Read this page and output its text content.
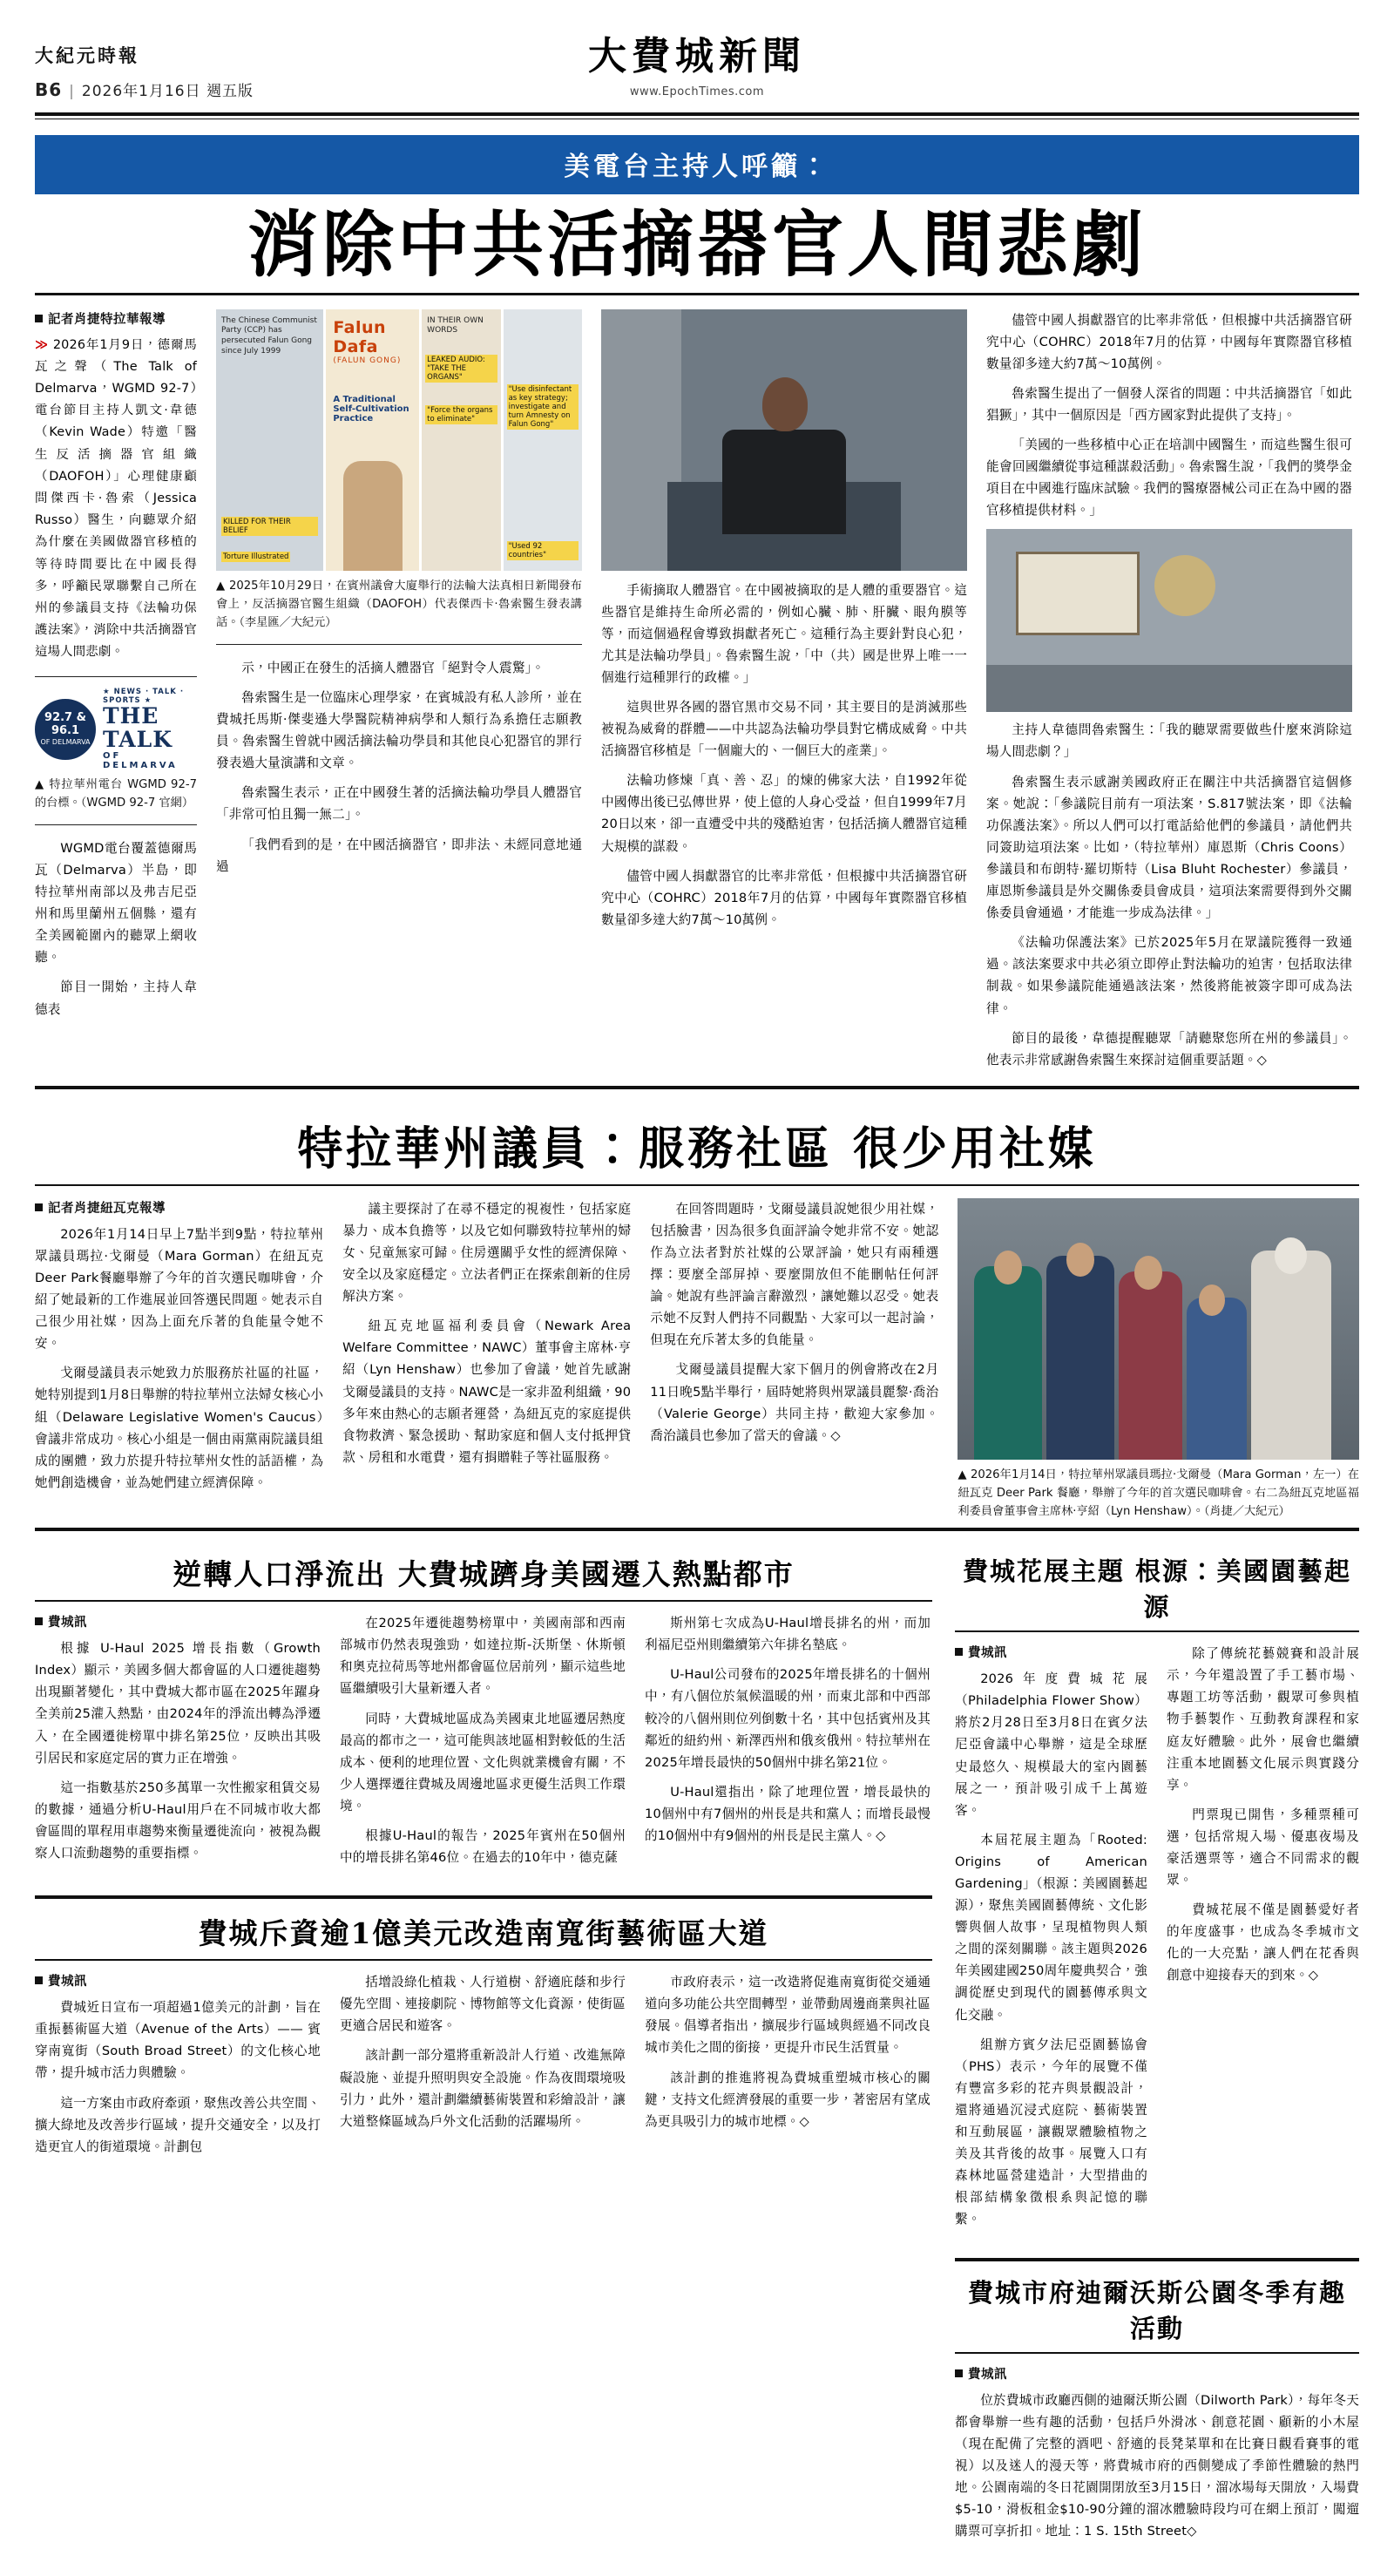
大紀元時報
B6 | 2026年1月16日 週五版
大費城新聞
www.EpochTimes.com
美電台主持人呼籲：
消除中共活摘器官人間悲劇
記者肖捷特拉華報導

≫ 2026年1月9日，德爾馬瓦之聲（The Talk of Delmarva，WGMD 92-7）電台節目主持人凱文·韋德（Kevin Wade）特邀「醫生反活摘器官組織（DAOFOH）」心理健康顧問傑西卡·魯索（Jessica Russo）醫生，向聽眾介紹為什麼在美國做器官移植的等待時間要比在中國長得多，呼籲民眾聯繫自己所在州的參議員支持《法輪功保護法案》，消除中共活摘器官這場人間悲劇。

92.7 & 96.1
OF DELMARVA
★ NEWS · TALK · SPORTS ★
THE TALK
OF DELMARVA
▲ 特拉華州電台 WGMD 92-7 的台標。（WGMD 92-7 官網）

WGMD電台覆蓋德爾馬瓦（Delmarva）半島，即特拉華州南部以及弗吉尼亞州和馬里蘭州五個縣，還有全美國範圍內的聽眾上網收聽。

節目一開始，主持人韋德表

The Chinese Communist Party (CCP) has persecuted Falun Gong since July 1999
KILLED FOR THEIR BELIEF
Torture Illustrated
Falun Dafa
(FALUN GONG)
A Traditional Self-Cultivation Practice
IN THEIR OWN WORDS
LEAKED AUDIO: "TAKE THE ORGANS"
"Force the organs to eliminate"
"Use disinfectant as key strategy; investigate and turn Amnesty on Falun Gong"
"Used 92 countries"
▲ 2025年10月29日，在賓州議會大廈舉行的法輪大法真相日新聞發布會上，反活摘器官醫生組織（DAOFOH）代表傑西卡·魯索醫生發表講話。（李星匯／大紀元）

示，中國正在發生的活摘人體器官「絕對令人震驚」。

魯索醫生是一位臨床心理學家，在賓城設有私人診所，並在費城托馬斯·傑斐遜大學醫院精神病學和人類行為系擔任志願教員。魯索醫生曾就中國活摘法輪功學員和其他良心犯器官的罪行發表過大量演講和文章。

魯索醫生表示，正在中國發生著的活摘法輪功學員人體器官「非常可怕且獨一無二」。

「我們看到的是，在中國活摘器官，即非法、未經同意地通過

手術摘取人體器官。在中國被摘取的是人體的重要器官。這些器官是維持生命所必需的，例如心臟、肺、肝臟、眼角膜等等，而這個過程會導致捐獻者死亡。這種行為主要針對良心犯，尤其是法輪功學員」。魯索醫生說，「中（共）國是世界上唯一一個進行這種罪行的政權。」

這與世界各國的器官黑市交易不同，其主要目的是消滅那些被視為威脅的群體——中共認為法輪功學員對它構成威脅。中共活摘器官移植是「一個龐大的、一個巨大的產業」。

法輪功修煉「真、善、忍」的煉的佛家大法，自1992年從中國傳出後已弘傳世界，使上億的人身心受益，但自1999年7月20日以來，卻一直遭受中共的殘酷迫害，包括活摘人體器官這種大規模的謀殺。

儘管中國人捐獻器官的比率非常低，但根據中共活摘器官研究中心（COHRC）2018年7月的估算，中國每年實際器官移植數量卻多達大約7萬～10萬例。

儘管中國人捐獻器官的比率非常低，但根據中共活摘器官研究中心（COHRC）2018年7月的估算，中國每年實際器官移植數量卻多達大約7萬～10萬例。

魯索醫生提出了一個發人深省的問題：中共活摘器官「如此猖獗」，其中一個原因是「西方國家對此提供了支持」。

「美國的一些移植中心正在培訓中國醫生，而這些醫生很可能會回國繼續從事這種謀殺活動」。魯索醫生說，「我們的獎學金項目在中國進行臨床試驗。我們的醫療器械公司正在為中國的器官移植提供材料。」

主持人韋德問魯索醫生：「我的聽眾需要做些什麼來消除這場人間悲劇？」

魯索醫生表示感謝美國政府正在關注中共活摘器官這個修案。她說：「參議院目前有一項法案，S.817號法案，即《法輪功保護法案》。所以人們可以打電話給他們的參議員，請他們共同簽助這項法案。比如，（特拉華州）庫恩斯（Chris Coons）參議員和布朗特·羅切斯特（Lisa Bluht Rochester）參議員，庫恩斯參議員是外交關係委員會成員，這項法案需要得到外交關係委員會通過，才能進一步成為法律。」

《法輪功保護法案》已於2025年5月在眾議院獲得一致通過。該法案要求中共必須立即停止對法輪功的迫害，包括取法律制裁。如果參議院能通過該法案，然後將能被簽字即可成為法律。

節目的最後，韋德提醒聽眾「請聽聚您所在州的參議員」。他表示非常感謝魯索醫生來探討這個重要話題。◇

特拉華州議員：服務社區 很少用社媒
記者肖捷紐瓦克報導

2026年1月14日早上7點半到9點，特拉華州眾議員瑪拉·戈爾曼（Mara Gorman）在紐瓦克Deer Park餐廳舉辦了今年的首次選民咖啡會，介紹了她最新的工作進展並回答選民問題。她表示自己很少用社媒，因為上面充斥著的負能量令她不安。

戈爾曼議員表示她致力於服務於社區的社區，她特別提到1月8日舉辦的特拉華州立法婦女核心小組（Delaware Legislative Women's Caucus）會議非常成功。核心小組是一個由兩黨兩院議員組成的團體，致力於提升特拉華州女性的話語權，為她們創造機會，並為她們建立經濟保障。

議主要探討了在尋不穩定的視複性，包括家庭暴力、成本負擔等，以及它如何聯致特拉華州的婦女、兒童無家可歸。住房選關乎女性的經濟保障、安全以及家庭穩定。立法者們正在探索創新的住房解決方案。

紐瓦克地區福利委員會（Newark Area Welfare Committee，NAWC）董事會主席林·亨紹（Lyn Henshaw）也參加了會議，她首先感謝戈爾曼議員的支持。NAWC是一家非盈利組織，90多年來由熱心的志願者運營，為紐瓦克的家庭提供食物救濟、緊急援助、幫助家庭和個人支付抵押貸款、房租和水電費，還有捐贈鞋子等社區服務。

在回答問題時，戈爾曼議員說她很少用社媒，包括臉書，因為很多負面評論令她非常不安。她認作為立法者對於社媒的公眾評論，她只有兩種選擇：要麼全部屏掉、要麼開放但不能刪帖任何評論。她說有些評論言辭激烈，讓她難以忍受。她表示她不反對人們持不同觀點、大家可以一起討論，但現在充斥著太多的負能量。

戈爾曼議員提醒大家下個月的例會將改在2月11日晚5點半舉行，屆時她將與州眾議員麗黎·喬治（Valerie George）共同主持，歡迎大家參加。喬治議員也參加了當天的會議。◇

▲ 2026年1月14日，特拉華州眾議員瑪拉·戈爾曼（Mara Gorman，左一）在紐瓦克 Deer Park 餐廳，舉辦了今年的首次選民咖啡會。右二為紐瓦克地區福利委員會董事會主席林·亨紹（Lyn Henshaw）。（肖捷／大紀元）
逆轉人口淨流出 大費城躋身美國遷入熱點都市
費城訊

根據 U-Haul 2025 增長指數（Growth Index）顯示，美國多個大都會區的人口遷徙趨勢出現顯著變化，其中費城大都市區在2025年躍身全美前25灌入熱點，由2024年的淨流出轉為淨遷入，在全國遷徙榜單中排名第25位，反映出其吸引居民和家庭定居的實力正在增強。

這一指數基於250多萬單一次性搬家租賃交易的數據，通過分析U-Haul用戶在不同城市收大都會區間的單程用車趨勢來衡量遷徙流向，被視為觀察人口流動趨勢的重要指標。

在2025年遷徙趨勢榜單中，美國南部和西南部城市仍然表現強勁，如達拉斯-沃斯堡、休斯頓和奧克拉荷馬等地州都會區位居前列，顯示這些地區繼續吸引大量新遷入者。

同時，大費城地區成為美國東北地區遷居熱度最高的都市之一，這可能與該地區相對較低的生活成本、便利的地理位置、文化與就業機會有關，不少人選擇遷往費城及周邊地區求更優生活與工作環境。

根據U-Haul的報告，2025年賓州在50個州中的增長排名第46位。在過去的10年中，德克薩

斯州第七次成為U-Haul增長排名的州，而加利福尼亞州則繼續第六年排名墊底。

U-Haul公司發布的2025年增長排名的十個州中，有八個位於氣候溫暖的州，而東北部和中西部較冷的八個州則位列倒數十名，其中包括賓州及其鄰近的紐約州、新澤西州和俄亥俄州。特拉華州在2025年增長最快的50個州中排名第21位。

U-Haul還指出，除了地理位置，增長最快的10個州中有7個州的州長是共和黨人；而增長最慢的10個州中有9個州的州長是民主黨人。◇

費城斥資逾1億美元改造南寬街藝術區大道
費城訊

費城近日宣布一項超過1億美元的計劃，旨在重振藝術區大道（Avenue of the Arts）—— 賓穿南寬街（South Broad Street）的文化核心地帶，提升城市活力與體驗。

這一方案由市政府牽頭，聚焦改善公共空間、擴大綠地及改善步行區域，提升交通安全，以及打造更宜人的街道環境。計劃包

括增設綠化植栽、人行道樹、舒適庇蔭和步行優先空間、連接劇院、博物館等文化資源，使街區更適合居民和遊客。

該計劃一部分還將重新設計人行道、改進無障礙設施、並提升照明與安全設施。作為夜間環境吸引力，此外，還計劃繼續藝術裝置和彩繪設計，讓大道整條區域為戶外文化活動的活躍場所。

市政府表示，這一改造將促進南寬街從交通通道向多功能公共空間轉型，並帶動周邊商業與社區發展。倡導者指出，擴展步行區域與經過不同改良城市美化之間的銜接，更提升市民生活質量。

該計劃的推進將視為費城重塑城市核心的關鍵，支持文化經濟發展的重要一步，著密居有望成為更具吸引力的城市地標。◇

費城花展主題 根源：美國園藝起源
費城訊

2026年度費城花展（Philadelphia Flower Show）將於2月28日至3月8日在賓夕法尼亞會議中心舉辦，這是全球歷史最悠久、規模最大的室內園藝展之一，預計吸引成千上萬遊客。

本屆花展主題為「Rooted: Origins of American Gardening」（根源：美國園藝起源），聚焦美國園藝傳統、文化影響與個人故事，呈現植物與人類之間的深刻關聯。該主題與2026年美國建國250周年慶典契合，強調從歷史到現代的園藝傳承與文化交融。

組辦方賓夕法尼亞園藝協會（PHS）表示，今年的展覽不僅有豐富多彩的花卉與景觀設計，還將通過沉浸式庭院、藝術裝置和互動展區，讓觀眾體驗植物之美及其背後的故事。展覽入口有森林地區營建造計，大型措曲的根部結構象徵根系與記憶的聯繫。

除了傳統花藝競賽和設計展示，今年還設置了手工藝市場、專題工坊等活動，觀眾可參與植物手藝製作、互動教育課程和家庭友好體驗。此外，展會也繼續注重本地園藝文化展示與實踐分享。

門票現已開售，多種票種可選，包括常規入場、優惠夜場及豪活選票等，適合不同需求的觀眾。

費城花展不僅是園藝愛好者的年度盛事，也成為冬季城市文化的一大亮點，讓人們在花香與創意中迎接春天的到來。◇

費城市府迪爾沃斯公園冬季有趣活動
費城訊

位於費城市政廳西側的迪爾沃斯公園（Dilworth Park），每年冬天都會舉辦一些有趣的活動，包括戶外滑冰、創意花園、顧新的小木屋（現在配備了完整的酒吧、舒適的長凳菜單和在比賽日觀看賽事的電視）以及迷人的漫天等，將費城市府的西側變成了季節性體驗的熱門地。公園南端的冬日花園開閉放至3月15日，溜冰場每天開放，入場費$5-10，滑板租金$10-90分鐘的溜冰體驗時段均可在網上預訂，闖遛購票可享折扣。地址：1 S. 15th Street◇
